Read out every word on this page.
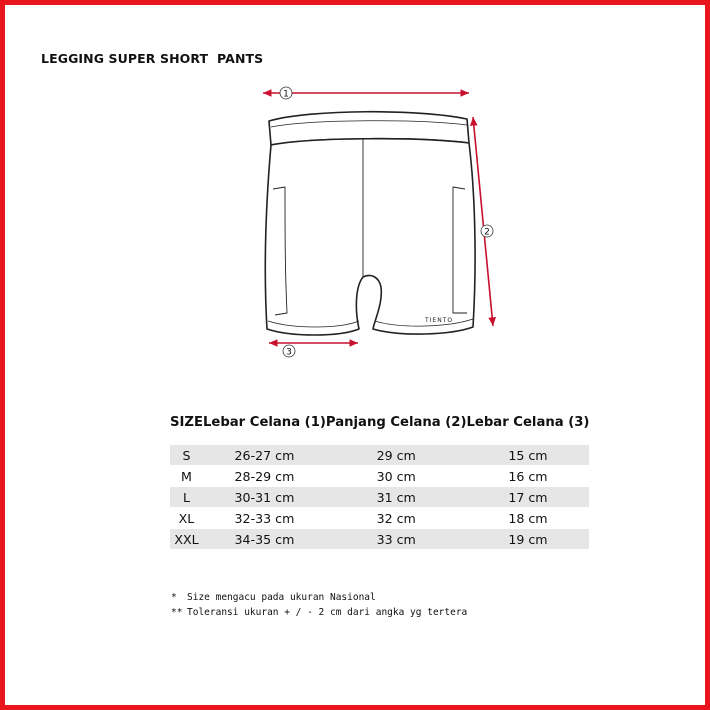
LEGGING SUPER SHORT  PANTS
1
2
3
TIENTO
SIZE	Lebar Celana (1)	Panjang Celana (2)	Lebar Celana (3)
S	26-27 cm	29 cm	15 cm
M	28-29 cm	30 cm	16 cm
L	30-31 cm	31 cm	17 cm
XL	32-33 cm	32 cm	18 cm
XXL	34-35 cm	33 cm	19 cm
* Size mengacu pada ukuran Nasional
** Toleransi ukuran + / - 2 cm dari angka yg tertera
